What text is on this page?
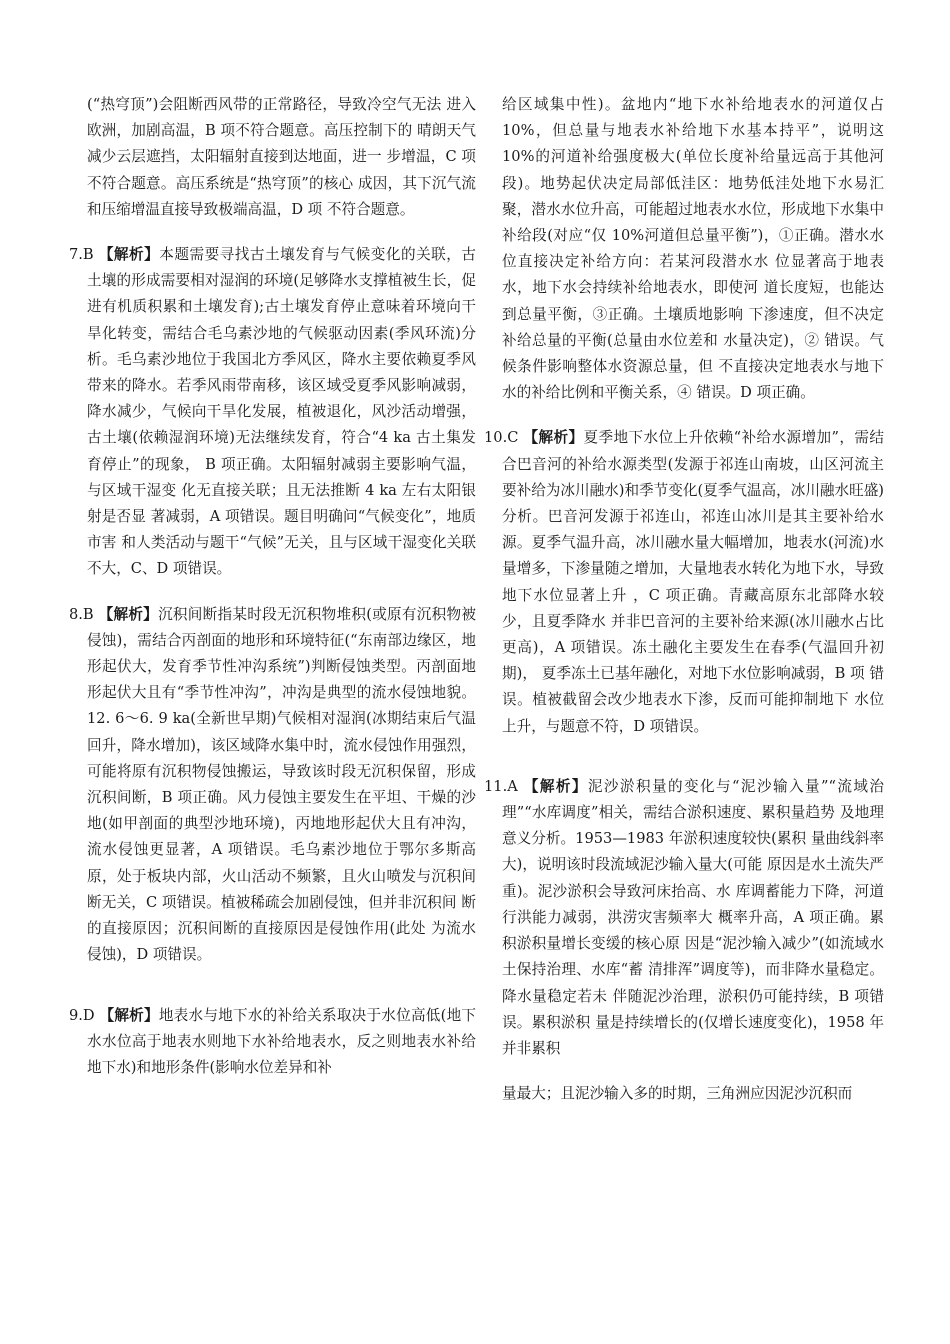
(“热穹顶”)会阻断西风带的正常路径，导致冷空气无法 进入欧洲，加剧高温，B 项不符合题意。高压控制下的 晴朗天气减少云层遮挡，太阳辐射直接到达地面，进一 步增温，C 项不符合题意。高压系统是“热穹顶”的核心 成因，其下沉气流和压缩增温直接导致极端高温，D 项 不符合题意。

7.B 【解析】本题需要寻找古土壤发育与气候变化的关联，古土壤的形成需要相对湿润的环境(足够降水支撑植被生长，促进有机质积累和土壤发育);古土壤发育停止意味着环境向干旱化转变，需结合毛乌素沙地的气候驱动因素(季风环流)分析。毛乌素沙地位于我国北方季风区，降水主要依赖夏季风带来的降水。若季风雨带南移，该区域受夏季风影响减弱，降水减少，气候向干旱化发展，植被退化，风沙活动增强，古土壤(依赖湿润环境)无法继续发育，符合“4 ka 古土集发育停止”的现象， B 项正确。太阳辐射减弱主要影响气温，与区域干湿变 化无直接关联；且无法推断 4 ka 左右太阳银射是否显 著减弱，A 项错误。题目明确问“气候变化”，地质市害 和人类活动与题干“气候”无关，且与区域干湿变化关联 不大，C、D 项错误。

8.B 【解析】沉积间断指某时段无沉积物堆积(或原有沉积物被侵蚀)，需结合丙剖面的地形和环境特征(“东南部边缘区，地形起伏大，发育季节性冲沟系统”)判断侵蚀类型。丙剖面地形起伏大且有“季节性冲沟”，冲沟是典型的流水侵蚀地貌。12. 6～6. 9 ka(全新世早期)气候相对湿润(冰期结束后气温回升，降水增加)，该区域降水集中时，流水侵蚀作用强烈，可能将原有沉积物侵蚀搬运，导致该时段无沉积保留，形成沉积间断，B 项正确。风力侵蚀主要发生在平坦、干燥的沙地(如甲剖面的典型沙地环境)，丙地地形起伏大且有冲沟，流水侵蚀更显著，A 项错误。毛乌素沙地位于鄂尔多斯高原，处于板块内部，火山活动不频繁，且火山喷发与沉积间断无关，C 项错误。植被稀疏会加剧侵蚀，但并非沉积间 断的直接原因；沉积间断的直接原因是侵蚀作用(此处 为流水侵蚀)，D 项错误。

9.D 【解析】地表水与地下水的补给关系取决于水位高低(地下水水位高于地表水则地下水补给地表水，反之则地表水补给地下水)和地形条件(影响水位差异和补

给区域集中性)。盆地内“地下水补给地表水的河道仅占 10%，但总量与地表水补给地下水基本持平”，说明这 10%的河道补给强度极大(单位长度补给量远高于其他河段)。地势起伏决定局部低洼区：地势低洼处地下水易汇聚，潜水水位升高，可能超过地表水水位，形成地下水集中补给段(对应“仅 10%河道但总量平衡”)，①正确。潜水水位直接决定补给方向：若某河段潜水水 位显著高于地表水，地下水会持续补给地表水，即使河 道长度短，也能达到总量平衡，③正确。土壤质地影响 下渗速度，但不决定补给总量的平衡(总量由水位差和 水量决定)，② 错误。气候条件影响整体水资源总量，但 不直接决定地表水与地下水的补给比例和平衡关系，④ 错误。D 项正确。

10.C 【解析】夏季地下水位上升依赖“补给水源增加”，需结合巴音河的补给水源类型(发源于祁连山南坡，山区河流主要补给为冰川融水)和季节变化(夏季气温高，冰川融水旺盛)分析。巴音河发源于祁连山，祁连山冰川是其主要补给水源。夏季气温升高，冰川融水量大幅增加，地表水(河流)水量增多，下渗量随之增加，大量地表水转化为地下水，导致地下水位显著上升 ，C 项正确。青藏高原东北部降水较少，且夏季降水 并非巴音河的主要补给来源(冰川融水占比更高)，A 项错误。冻土融化主要发生在春季(气温回升初期)， 夏季冻土已基年融化，对地下水位影响减弱，B 项 错 误。植被截留会改少地表水下渗，反而可能抑制地下 水位上升，与题意不符，D 项错误。

11.A 【解析】泥沙淤积量的变化与“泥沙输入量”“流域治理”“水库调度”相关，需结合淤积速度、累积量趋势 及地理意义分析。1953—1983 年淤积速度较快(累积 量曲线斜率大)，说明该时段流域泥沙输入量大(可能 原因是水土流失严重)。泥沙淤积会导致河床抬高、水 库调蓄能力下降，河道行洪能力减弱，洪涝灾害频率大 概率升高，A 项正确。累积淤积量增长变缓的核心原 因是“泥沙输入减少”(如流域水土保持治理、水库“蓄 清排浑”调度等)，而非降水量稳定。降水量稳定若未 伴随泥沙治理，淤积仍可能持续，B 项错误。累积淤积 量是持续增长的(仅增长速度变化)，1958 年并非累积

量最大；且泥沙输入多的时期，三角洲应因泥沙沉积而
